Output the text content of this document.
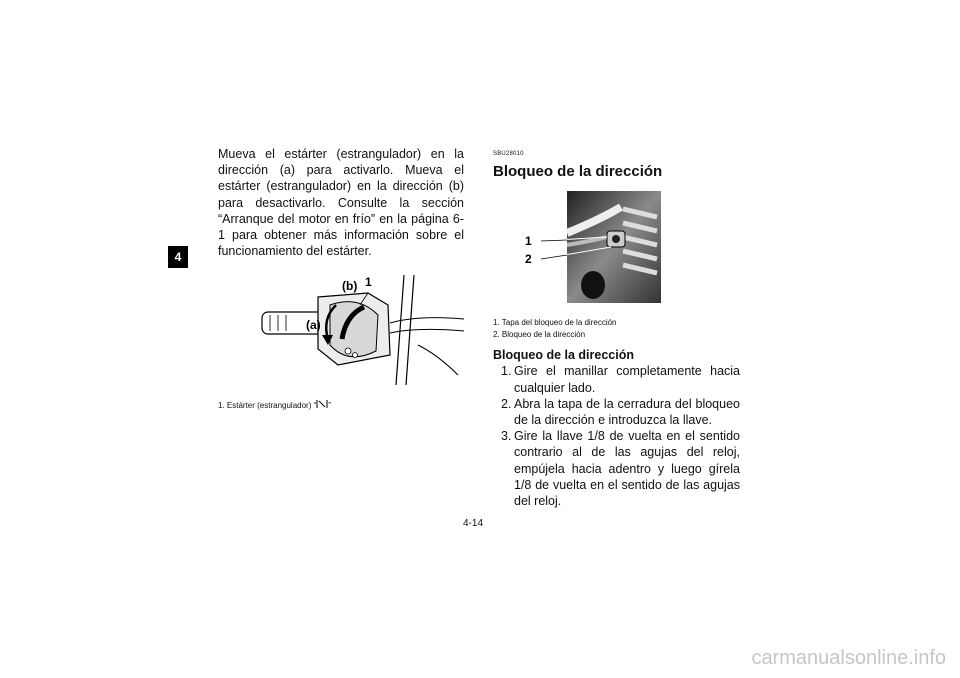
4

Mueva el estárter (estrangulador) en la dirección (a) para activarlo. Mueva el estárter (estrangulador) en la dirección (b) para desactivarlo. Consulte la sección “Arranque del motor en frío” en la página 6-1 para obtener más información sobre el funcionamiento del estárter.

(b)
(a)
1

1. Estárter (estrangulador) “ ”

SBU28010

Bloqueo de la dirección

1
2

1. Tapa del bloqueo de la dirección

2. Bloqueo de la dirección

Bloqueo de la dirección

1. Gire el manillar completamente hacia cualquier lado.
2. Abra la tapa de la cerradura del bloqueo de la dirección e introduzca la llave.
3. Gire la llave 1/8 de vuelta en el sentido contrario al de las agujas del reloj, empújela hacia adentro y luego gírela 1/8 de vuelta en el sentido de las agujas del reloj.
4-14
carmanualsonline.info
